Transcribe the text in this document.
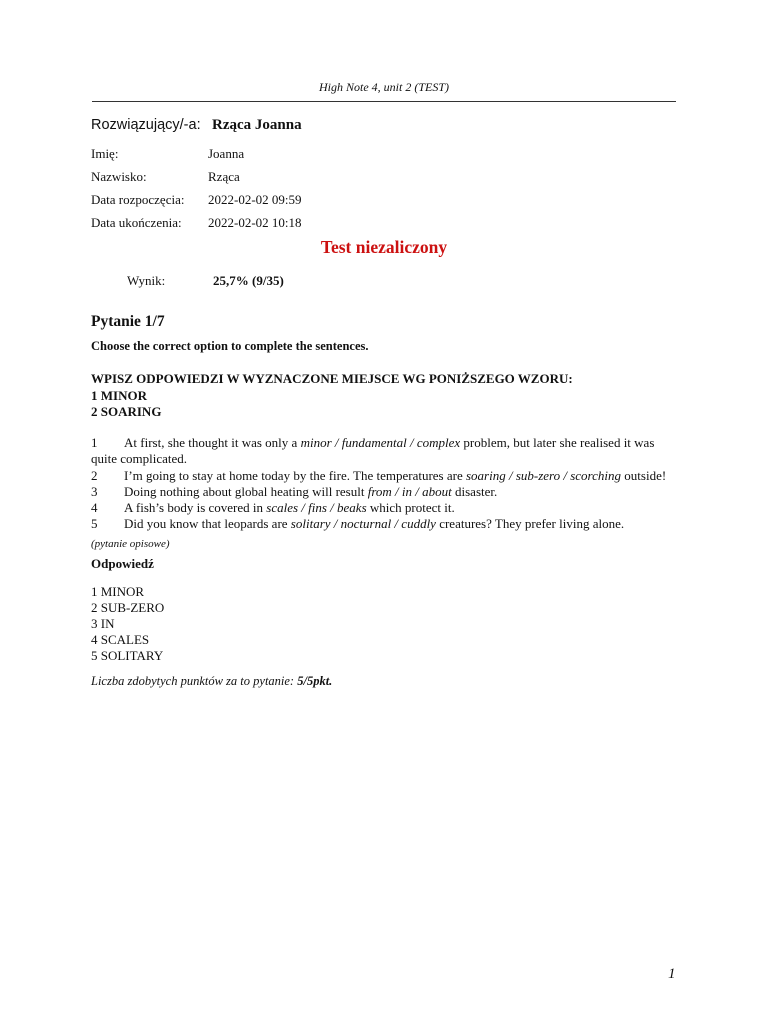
High Note 4, unit 2 (TEST)
Rozwiązujący/-a: Rząca Joanna
Imię:	Joanna
Nazwisko:	Rząca
Data rozpoczęcia: 2022-02-02 09:59
Data ukończenia: 2022-02-02 10:18
Test niezaliczony
Wynik:	25,7% (9/35)
Pytanie 1/7
Choose the correct option to complete the sentences.
WPISZ ODPOWIEDZI W WYZNACZONE MIEJSCE WG PONIŻSZEGO WZORU:
1 MINOR
2 SOARING

1 At first, she thought it was only a minor / fundamental / complex problem, but later she realised it was quite complicated.

2 I’m going to stay at home today by the fire. The temperatures are soaring / sub-zero / scorching outside!

3 Doing nothing about global heating will result from / in / about disaster.

4 A fish’s body is covered in scales / fins / beaks which protect it.

5 Did you know that leopards are solitary / nocturnal / cuddly creatures? They prefer living alone.

(pytanie opisowe)
Odpowiedź
1 MINOR
2 SUB-ZERO
3 IN
4 SCALES
5 SOLITARY
Liczba zdobytych punktów za to pytanie: 5/5pkt.
1
